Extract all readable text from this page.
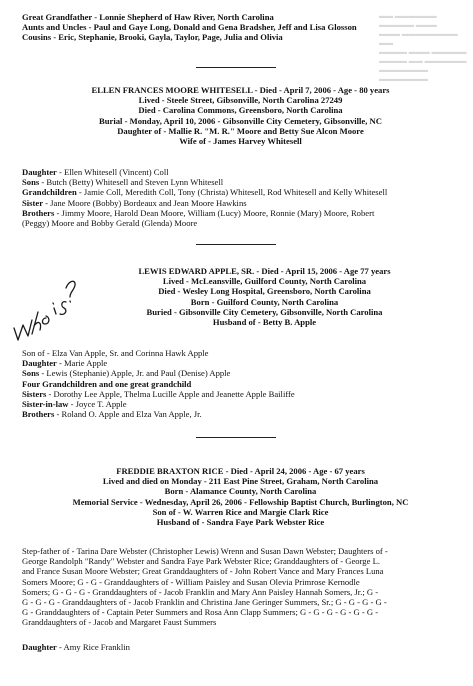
▬▬ ▬▬▬▬▬▬ ▬▬▬▬▬ ▬▬▬
▬▬▬ ▬▬▬▬▬▬▬▬ ▬▬
▬▬▬▬ ▬▬▬ ▬▬▬▬▬
▬▬▬▬ ▬▬ ▬▬▬▬▬▬
▬▬▬▬▬▬▬ ▬▬▬▬▬▬▬
Great Grandfather - Lonnie Shepherd of Haw River, North Carolina
Aunts and Uncles - Paul and Gaye Long, Donald and Gena Bradsher, Jeff and Lisa Glosson
Cousins - Eric, Stephanie, Brooki, Gayla, Taylor, Page, Julia and Olivia
ELLEN FRANCES MOORE WHITESELL - Died - April 7, 2006 - Age - 80 years
Lived - Steele Street, Gibsonville, North Carolina 27249
Died - Carolina Commons, Greensboro, North Carolina
Burial - Monday, April 10, 2006 - Gibsonville City Cemetery, Gibsonville, NC
Daughter of - Mallie R. "M. R." Moore and Betty Sue Alcon Moore
Wife of - James Harvey Whitesell
Daughter - Ellen Whitesell (Vincent) Coll
Sons - Butch (Betty) Whitesell and Steven Lynn Whitesell
Grandchildren - Jamie Coll, Meredith Coll, Tony (Christa) Whitesell, Rod Whitesell and Kelly Whitesell
Sister - Jane Moore (Bobby) Bordeaux and Jean Moore Hawkins
Brothers - Jimmy Moore, Harold Dean Moore, William (Lucy) Moore, Ronnie (Mary) Moore, Robert
(Peggy) Moore and Bobby Gerald (Glenda) Moore
Who is ?	LEWIS EDWARD APPLE, SR. - Died - April 15, 2006 - Age 77 years
Lived - McLeansville, Guilford County, North Carolina
Died - Wesley Long Hospital, Greensboro, North Carolina
Born - Guilford County, North Carolina
Buried - Gibsonville City Cemetery, Gibsonville, North Carolina
Husband of - Betty B. Apple
Son of - Elza Van Apple, Sr. and Corinna Hawk Apple
Daughter - Marie Apple
Sons - Lewis (Stephanie) Apple, Jr. and Paul (Denise) Apple
Four Grandchildren and one great grandchild
Sisters - Dorothy Lee Apple, Thelma Lucille Apple and Jeanette Apple Bailiffe
Sister-in-law - Joyce T. Apple
Brothers - Roland O. Apple and Elza Van Apple, Jr.
FREDDIE BRAXTON RICE - Died - April 24, 2006 - Age - 67 years
Lived and died on Monday - 211 East Pine Street, Graham, North Carolina
Born - Alamance County, North Carolina
Memorial Service - Wednesday, April 26, 2006 - Fellowship Baptist Church, Burlington, NC
Son of - W. Warren Rice and Margie Clark Rice
Husband of - Sandra Faye Park Webster Rice
Step-father of - Tarina Dare Webster (Christopher Lewis) Wrenn and Susan Dawn Webster; Daughters of -
George Randolph "Randy" Webster and Sandra Faye Park Webster Rice; Granddaughters of - George L.
and France Susan Moore Webster; Great Granddaughters of - John Robert Vance and Mary Frances Luna
Somers Moore; G - G - Granddaughters of - William Paisley and Susan Olevia Primrose Kernodle
Somers; G - G - G - Granddaughters of - Jacob Franklin and Mary Ann Paisley Hannah Somers, Jr.; G -
G - G - G - Granddaughters of - Jacob Franklin and Christina Jane Geringer Summers, Sr.; G - G - G - G -
G - Granddaughters of - Captain Peter Summers and Rosa Ann Clapp Summers; G - G - G - G - G - G -
Granddaughters of - Jacob and Margaret Faust Summers
Daughter - Amy Rice Franklin
